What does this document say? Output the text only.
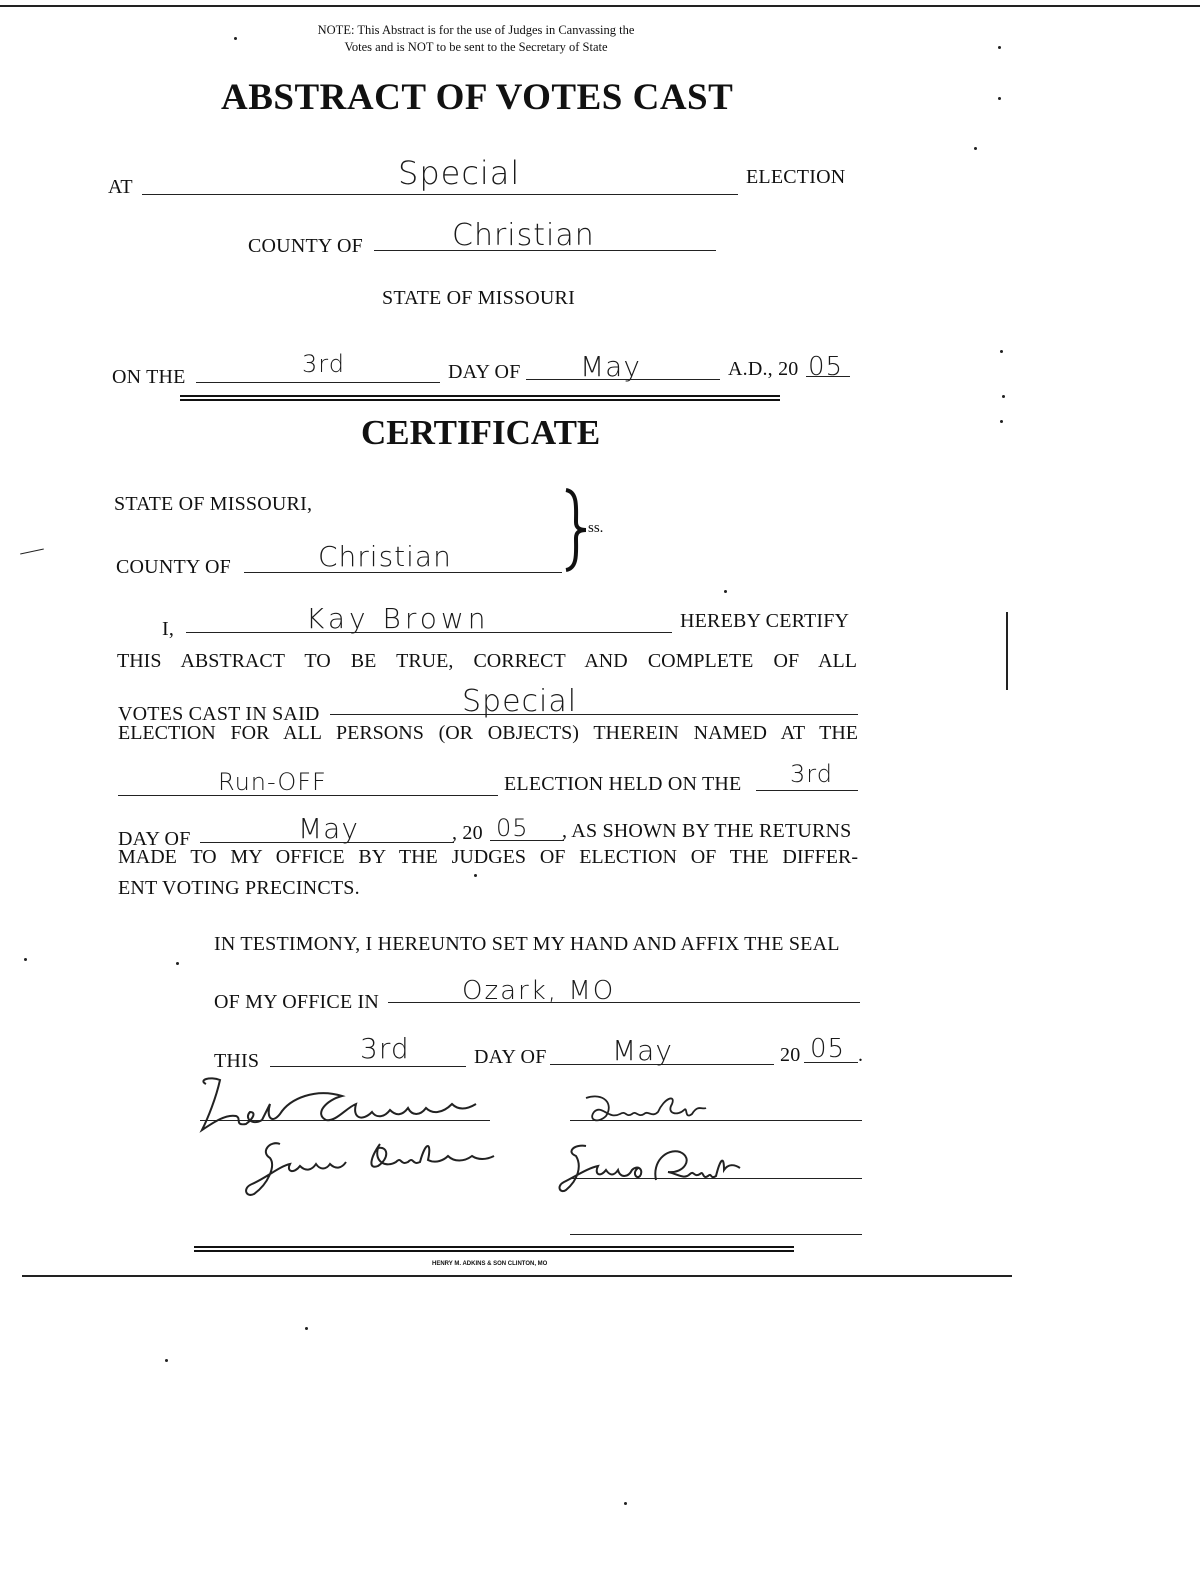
NOTE: This Abstract is for the use of Judges in Canvassing the
Votes and is NOT to be sent to the Secretary of State
ABSTRACT OF VOTES CAST
AT	Special	ELECTION
COUNTY OF	Christian
STATE OF MISSOURI
ON THE	3rd	DAY OF May	A.D., 20 05
CERTIFICATE
STATE OF MISSOURI,
COUNTY OF	Christian
ss.
I,	Kay Brown	HEREBY CERTIFY
THIS ABSTRACT TO BE TRUE, CORRECT AND COMPLETE OF ALL
VOTES CAST IN SAID	Special
ELECTION FOR ALL PERSONS (OR OBJECTS) THEREIN NAMED AT THE
Run-OFF	ELECTION HELD ON THE 3rd
DAY OF	May	, 20 05 , AS SHOWN BY THE RETURNS
MADE TO MY OFFICE BY THE JUDGES OF ELECTION OF THE DIFFER-
ENT VOTING PRECINCTS.
IN TESTIMONY, I HEREUNTO SET MY HAND AND AFFIX THE SEAL
OF MY OFFICE IN	Ozark, MO
THIS	3rd	DAY OF May	20 05 .
HENRY M. ADKINS & SON CLINTON, MO
